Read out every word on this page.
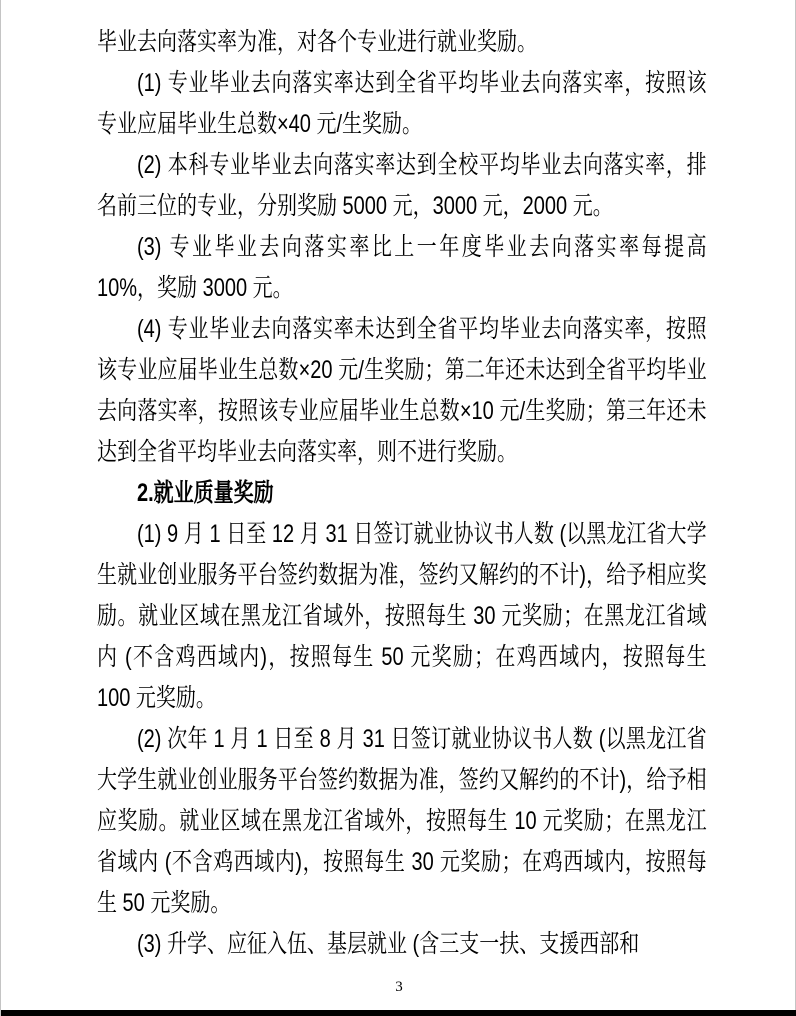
毕业去向落实率为准，对各个专业进行就业奖励。
(1) 专业毕业去向落实率达到全省平均毕业去向落实率，按照该专业应届毕业生总数×40 元/生奖励。
(2) 本科专业毕业去向落实率达到全校平均毕业去向落实率，排名前三位的专业，分别奖励 5000 元，3000 元，2000 元。
(3) 专业毕业去向落实率比上一年度毕业去向落实率每提高 10%，奖励 3000 元。
(4) 专业毕业去向落实率未达到全省平均毕业去向落实率，按照该专业应届毕业生总数×20 元/生奖励；第二年还未达到全省平均毕业去向落实率，按照该专业应届毕业生总数×10 元/生奖励；第三年还未达到全省平均毕业去向落实率，则不进行奖励。
2.就业质量奖励
(1) 9 月 1 日至 12 月 31 日签订就业协议书人数 (以黑龙江省大学生就业创业服务平台签约数据为准，签约又解约的不计)，给予相应奖励。就业区域在黑龙江省域外，按照每生 30 元奖励；在黑龙江省域内 (不含鸡西域内)，按照每生 50 元奖励；在鸡西域内，按照每生 100 元奖励。
(2) 次年 1 月 1 日至 8 月 31 日签订就业协议书人数 (以黑龙江省大学生就业创业服务平台签约数据为准，签约又解约的不计)，给予相应奖励。就业区域在黑龙江省域外，按照每生 10 元奖励；在黑龙江省域内 (不含鸡西域内)，按照每生 30 元奖励；在鸡西域内，按照每生 50 元奖励。
(3) 升学、应征入伍、基层就业 (含三支一扶、支援西部和
3
